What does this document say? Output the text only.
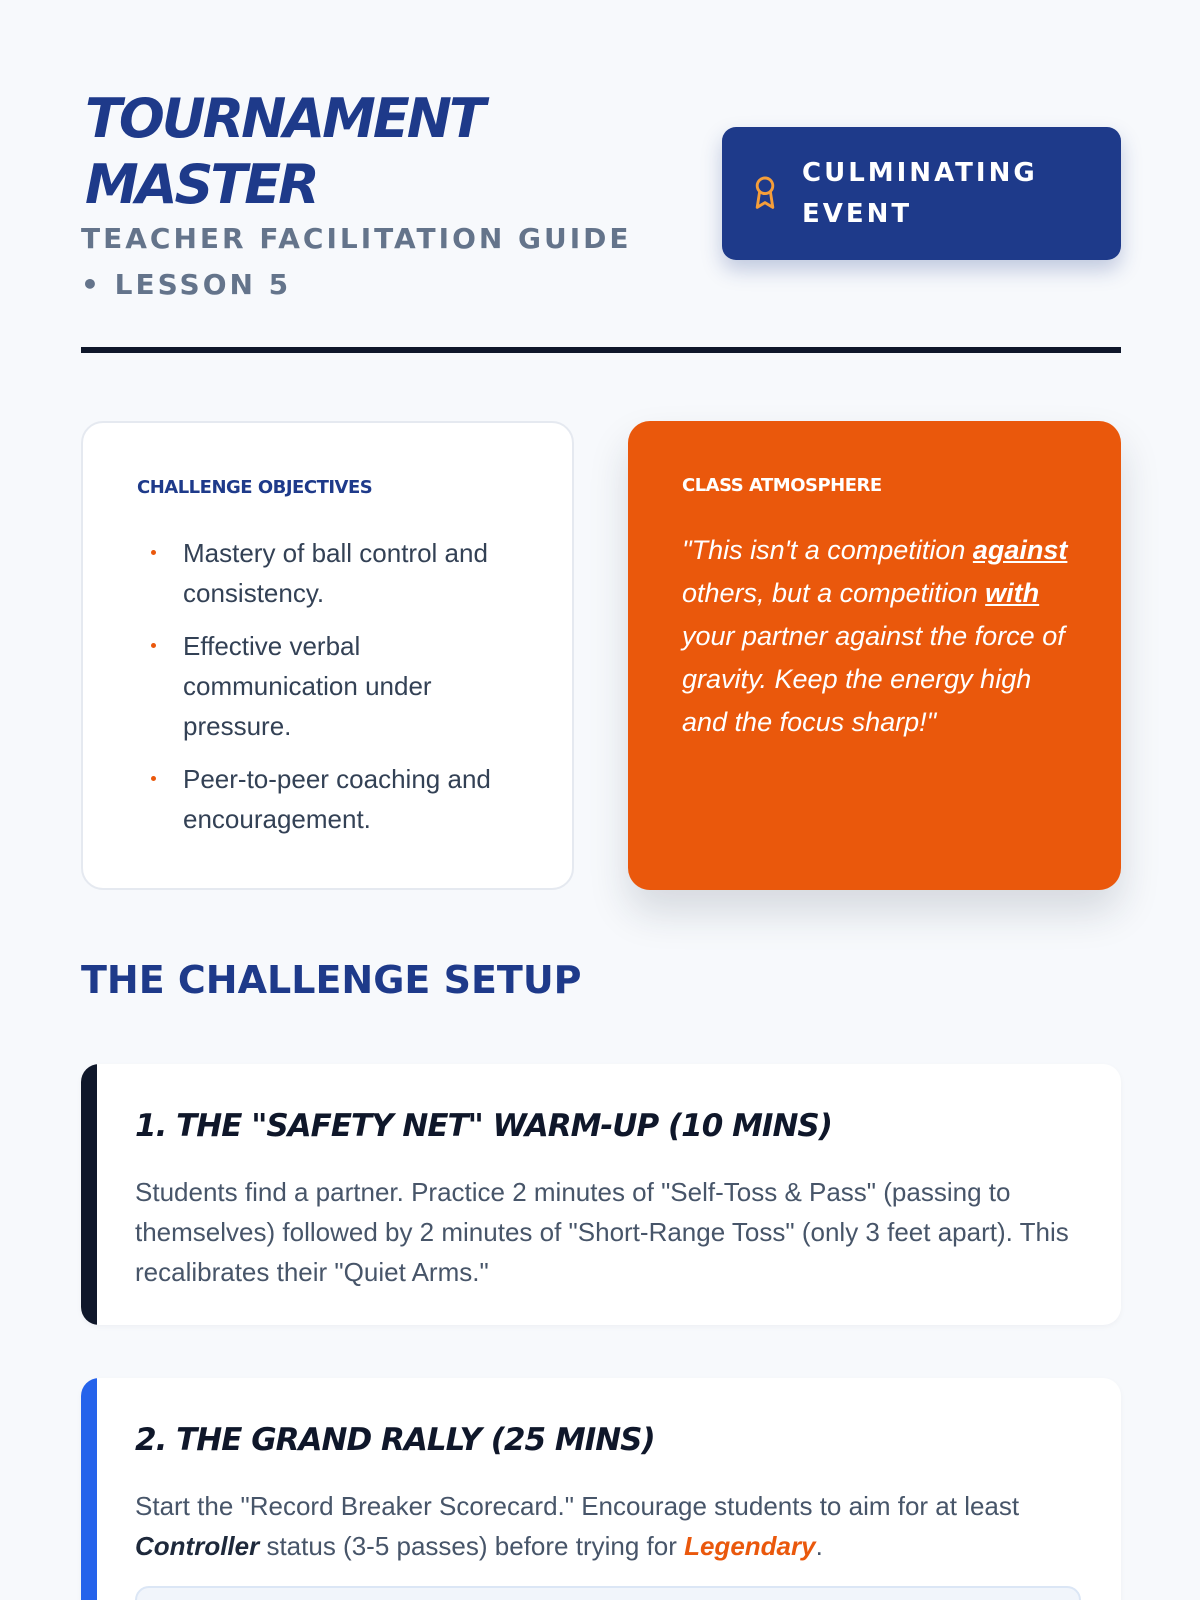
TOURNAMENT MASTER
TEACHER FACILITATION GUIDE • LESSON 5
CULMINATING EVENT
CHALLENGE OBJECTIVES
Mastery of ball control and consistency.
Effective verbal communication under pressure.
Peer-to-peer coaching and encouragement.
CLASS ATMOSPHERE

"This isn't a competition against others, but a competition with your partner against the force of gravity. Keep the energy high and the focus sharp!"

THE CHALLENGE SETUP
1. THE "SAFETY NET" WARM-UP (10 MINS)

Students find a partner. Practice 2 minutes of "Self-Toss & Pass" (passing to themselves) followed by 2 minutes of "Short-Range Toss" (only 3 feet apart). This recalibrates their "Quiet Arms."

2. THE GRAND RALLY (25 MINS)

Start the "Record Breaker Scorecard." Encourage students to aim for at least Controller status (3-5 passes) before trying for Legendary.
